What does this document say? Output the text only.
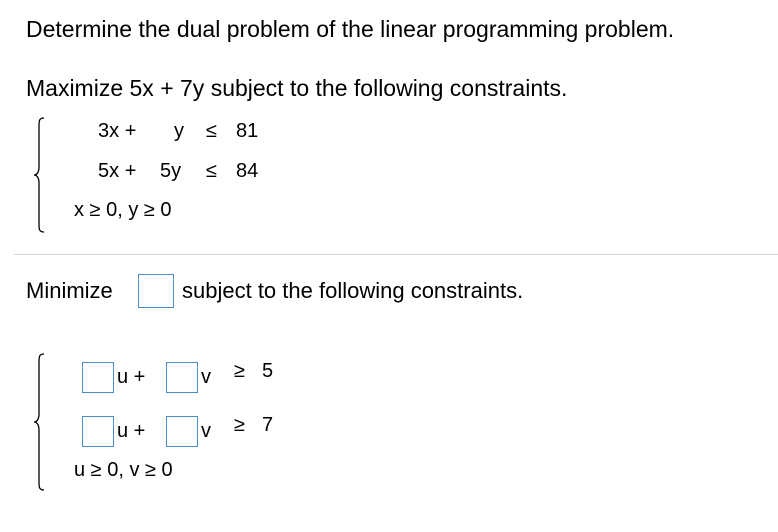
Determine the dual problem of the linear programming problem.
Maximize 5x + 7y subject to the following constraints.
3x + y ≤ 81
5x + 5y ≤ 84
x ≥ 0, y ≥ 0
Minimize	subject to the following constraints.
u +	v ≥ 5
u +	v ≥ 7
u ≥ 0, v ≥ 0
